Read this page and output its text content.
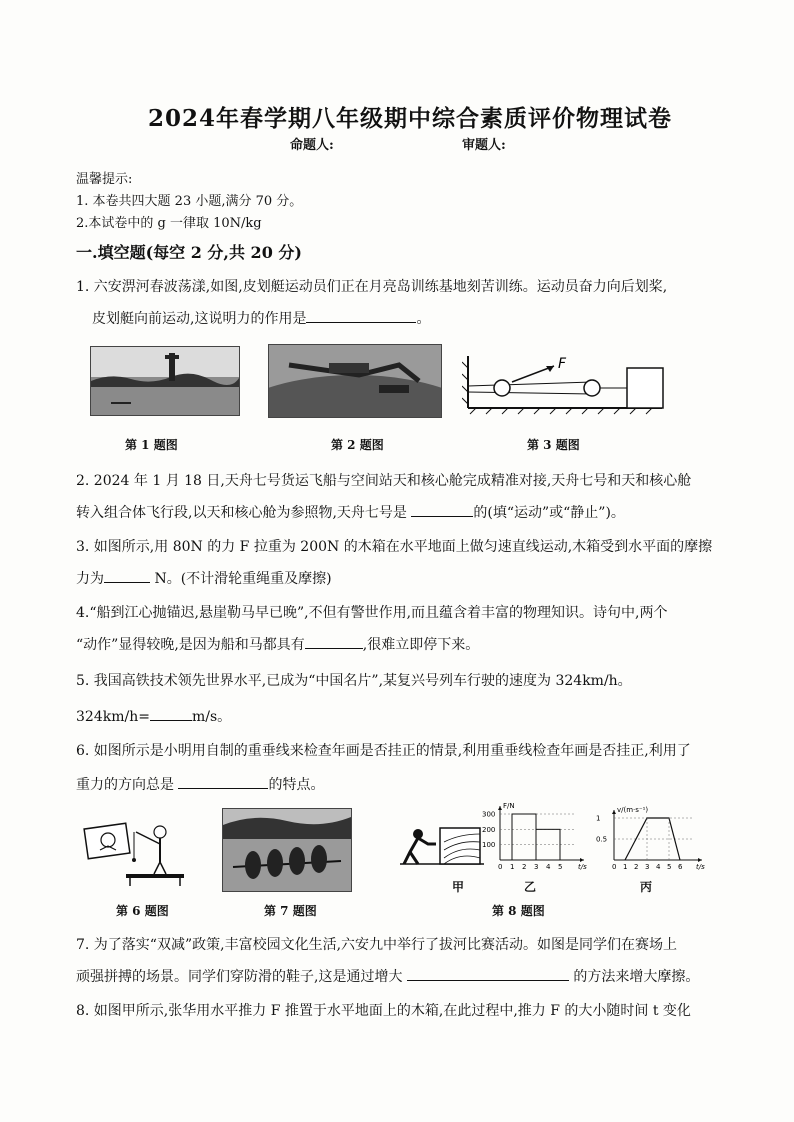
2024年春学期八年级期中综合素质评价物理试卷
命题人:	审题人:
温馨提示:
1. 本卷共四大题 23 小题,满分 70 分。
2.本试卷中的 g 一律取 10N/kg
一.填空题(每空 2 分,共 20 分)
1. 六安淠河春波荡漾,如图,皮划艇运动员们正在月亮岛训练基地刻苦训练。运动员奋力向后划桨,
皮划艇向前运动,这说明力的作用是	。
F
第 1 题图	第 2 题图	第 3 题图
2. 2024 年 1 月 18 日,天舟七号货运飞船与空间站天和核心舱完成精准对接,天舟七号和天和核心舱
转入组合体飞行段,以天和核心舱为参照物,天舟七号是	的(填“运动”或“静止”)。
3. 如图所示,用 80N 的力 F 拉重为 200N 的木箱在水平地面上做匀速直线运动,木箱受到水平面的摩擦
力为	N。(不计滑轮重绳重及摩擦)
4.“船到江心抛锚迟,悬崖勒马早已晚”,不但有警世作用,而且蕴含着丰富的物理知识。诗句中,两个
“动作”显得较晚,是因为船和马都具有	,很难立即停下来。
5. 我国高铁技术领先世界水平,已成为“中国名片”,某复兴号列车行驶的速度为 324km/h。
324km/h=	m/s。
6. 如图所示是小明用自制的重垂线来检查年画是否挂正的情景,利用重垂线检查年画是否挂正,利用了
重力的方向总是	的特点。
甲
F/N
t/s
0 1 2 3 4 5
100
200
300
乙
v/(m·s⁻¹)
t/s
0 1 2 3 4 5 6
0.5
1
丙
第 6 题图	第 7 题图	第 8 题图
7. 为了落实“双减”政策,丰富校园文化生活,六安九中举行了拔河比赛活动。如图是同学们在赛场上
顽强拼搏的场景。同学们穿防滑的鞋子,这是通过增大	的方法来增大摩擦。
8. 如图甲所示,张华用水平推力 F 推置于水平地面上的木箱,在此过程中,推力 F 的大小随时间 t 变化
